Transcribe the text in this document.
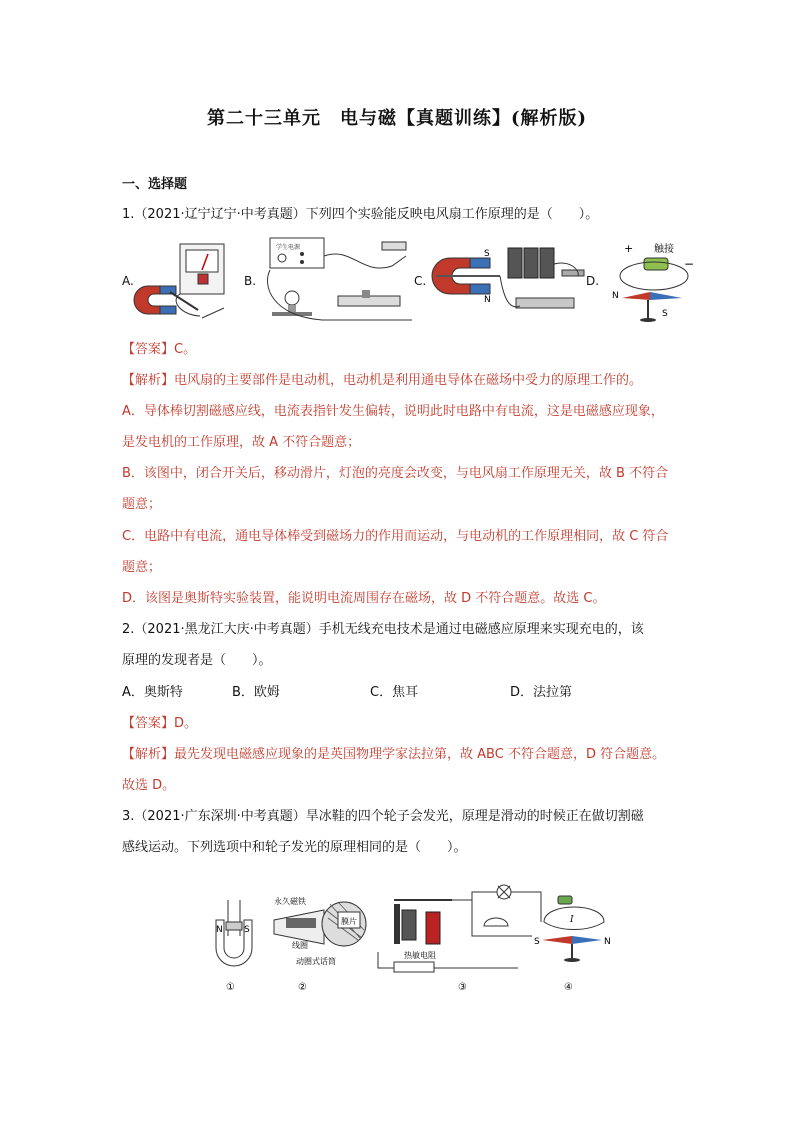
第二十三单元　电与磁【真题训练】(解析版)
一、选择题
1.（2021·辽宁辽宁·中考真题）下列四个实验能反映电风扇工作原理的是（　　）。
A.	B.
学生电源
C.
S
N
D.
+ 触接
−
N
S
【答案】C。
【解析】电风扇的主要部件是电动机，电动机是利用通电导体在磁场中受力的原理工作的。
A．导体棒切割磁感应线，电流表指针发生偏转，说明此时电路中有电流，这是电磁感应现象，
是发电机的工作原理，故 A 不符合题意；
B．该图中，闭合开关后，移动滑片，灯泡的亮度会改变，与电风扇工作原理无关，故 B 不符合
题意；
C．电路中有电流，通电导体棒受到磁场力的作用而运动，与电动机的工作原理相同，故 C 符合
题意；
D．该图是奥斯特实验装置，能说明电流周围存在磁场，故 D 不符合题意。故选 C。
2.（2021·黑龙江大庆·中考真题）手机无线充电技术是通过电磁感应原理来实现充电的，该
原理的发现者是（　　）。
A．奥斯特	B．欧姆	C．焦耳	D．法拉第
【答案】D。
【解析】最先发现电磁感应现象的是英国物理学家法拉第，故 ABC 不符合题意，D 符合题意。
故选 D。
3.（2021·广东深圳·中考真题）旱冰鞋的四个轮子会发光，原理是滑动的时候正在做切割磁
感线运动。下列选项中和轮子发光的原理相同的是（　　）。
N S
①
永久磁铁
膜片
线圈
动圈式话筒
②
热敏电阻
③
I
S	N
④
